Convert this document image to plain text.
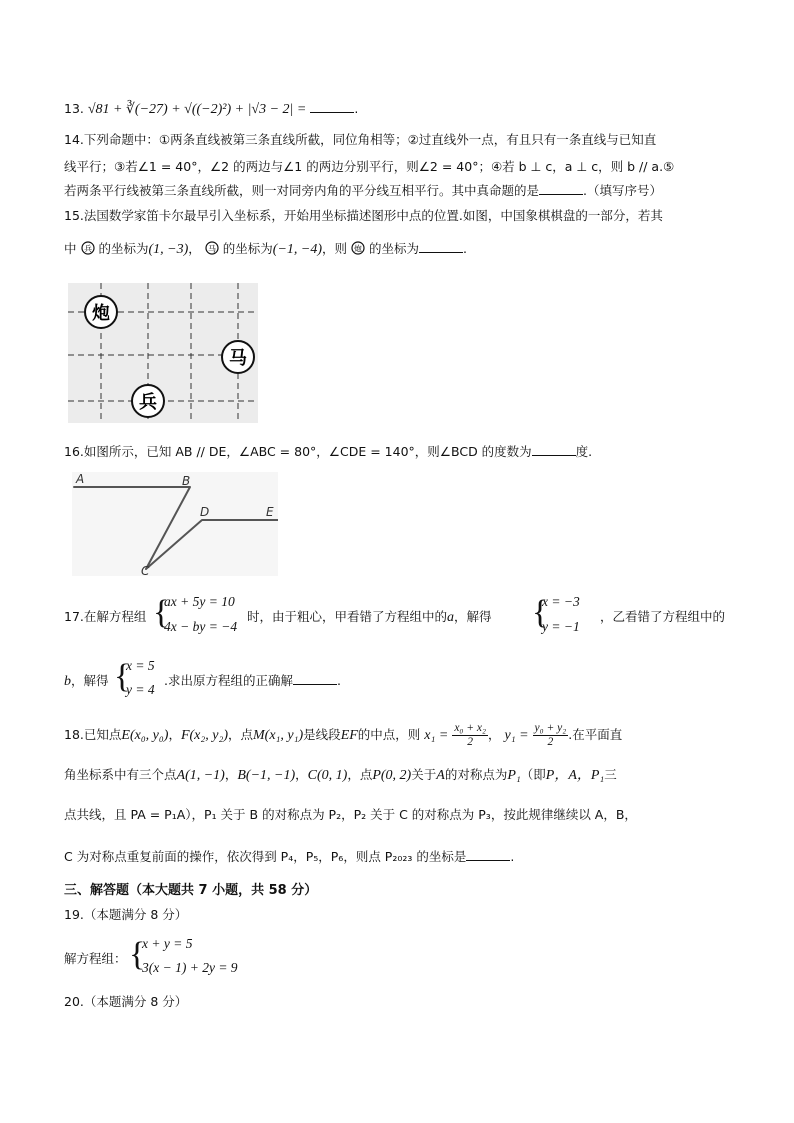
13. √81 + ∛(−27) + √((−2)²) + |√3 − 2| =	.
14.下列命题中：①两条直线被第三条直线所截，同位角相等；②过直线外一点，有且只有一条直线与已知直
线平行；③若∠1 = 40°，∠2 的两边与∠1 的两边分别平行，则∠2 = 40°；④若 b ⊥ c，a ⊥ c，则 b // a.⑤
若两条平行线被第三条直线所截，则一对同旁内角的平分线互相平行。其中真命题的是	.（填写序号）
15.法国数学家笛卡尔最早引入坐标系，开始用坐标描述图形中点的位置.如图，中国象棋棋盘的一部分，若其
中 兵 的坐标为(1, −3)， 马 的坐标为(−1, −4)，则 炮 的坐标为	.
炮
马
兵
16.如图所示，已知 AB // DE，∠ABC = 80°，∠CDE = 140°，则∠BCD 的度数为	度.
A	B
C
D	E
17.在解方程组 {
ax + 5y = 10
4x − by = −4
时，由于粗心，甲看错了方程组中的a，解得 {
x = −3
y = −1
，乙看错了方程组中的
b，解得 {
x = 5
y = 4
.求出原方程组的正确解	.
18.已知点E(x₀, y₀)，F(x₂, y₂)，点M(x₁, y₁)是线段EF的中点，则 $x_1 = \frac{\text{x₀ + x₂}}{2}$ ， $y_1 = \frac{\text{y₀ + y₂}}{2}$ .在平面直
角坐标系中有三个点A(1, −1)，B(−1, −1)，C(0, 1)，点P(0, 2)关于A的对称点为P₁（即P，A，P₁三
点共线，且 PA = P₁A），P₁ 关于 B 的对称点为 P₂，P₂ 关于 C 的对称点为 P₃，按此规律继续以 A，B，
C 为对称点重复前面的操作，依次得到 P₄，P₅，P₆，则点 P₂₀₂₃ 的坐标是	.
三、解答题（本大题共 7 小题，共 58 分）
19.（本题满分 8 分）
解方程组： {
x + y = 5
3(x − 1) + 2y = 9
20.（本题满分 8 分）
